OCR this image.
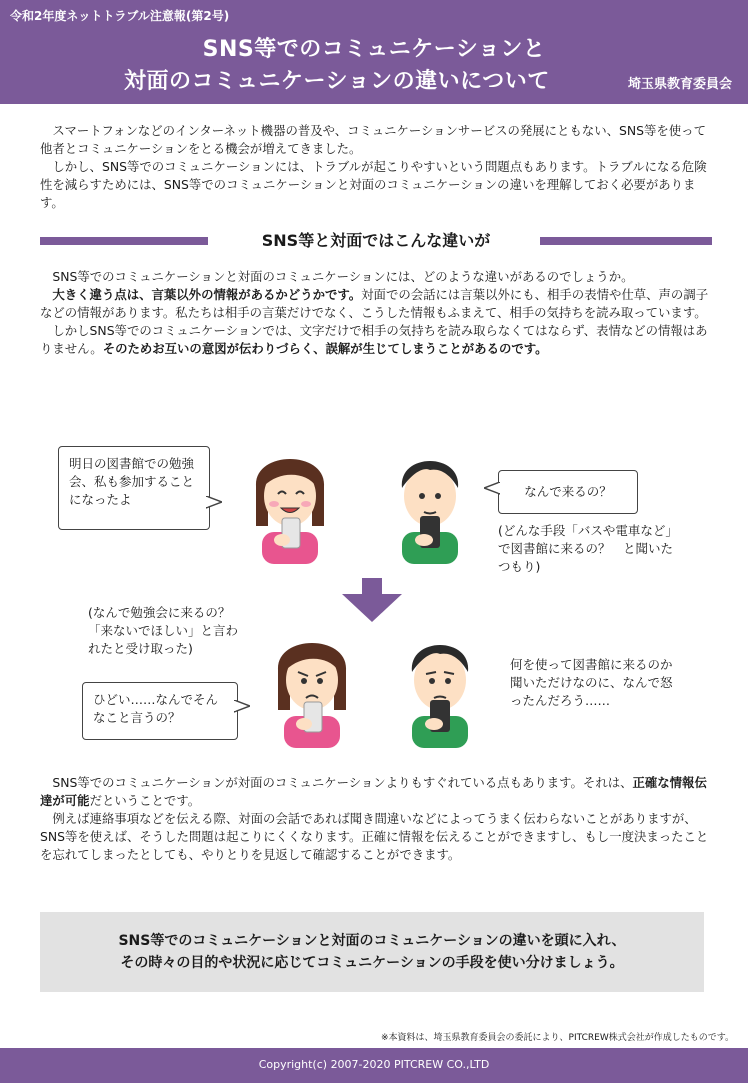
令和2年度ネットトラブル注意報(第2号)
SNS等でのコミュニケーションと
対面のコミュニケーションの違いについて	埼玉県教育委員会

スマートフォンなどのインターネット機器の普及や、コミュニケーションサービスの発展にともない、SNS等を使って他者とコミュニケーションをとる機会が増えてきました。

しかし、SNS等でのコミュニケーションには、トラブルが起こりやすいという問題点もあります。トラブルになる危険性を減らすためには、SNS等でのコミュニケーションと対面のコミュニケーションの違いを理解しておく必要があります。

SNS等と対面ではこんな違いが

SNS等でのコミュニケーションと対面のコミュニケーションには、どのような違いがあるのでしょうか。

大きく違う点は、言葉以外の情報があるかどうかです。対面での会話には言葉以外にも、相手の表情や仕草、声の調子などの情報があります。私たちは相手の言葉だけでなく、こうした情報もふまえて、相手の気持ちを読み取っています。

しかしSNS等でのコミュニケーションでは、文字だけで相手の気持ちを読み取らなくてはならず、表情などの情報はありません。そのためお互いの意図が伝わりづらく、誤解が生じてしまうことがあるのです。

明日の図書館での勉強会、私も参加することになったよ
なんで来るの？
(どんな手段「バスや電車など」で図書館に来るの？　と聞いたつもり)
(なんで勉強会に来るの？「来ないでほしい」と言われたと受け取った)
ひどい……なんでそんなこと言うの？
何を使って図書館に来るのか聞いただけなのに、なんで怒ったんだろう……

SNS等でのコミュニケーションが対面のコミュニケーションよりもすぐれている点もあります。それは、正確な情報伝達が可能だということです。

例えば連絡事項などを伝える際、対面の会話であれば聞き間違いなどによってうまく伝わらないことがありますが、SNS等を使えば、そうした問題は起こりにくくなります。正確に情報を伝えることができますし、もし一度決まったことを忘れてしまったとしても、やりとりを見返して確認することができます。

SNS等でのコミュニケーションと対面のコミュニケーションの違いを頭に入れ、
その時々の目的や状況に応じてコミュニケーションの手段を使い分けましょう。
※本資料は、埼玉県教育委員会の委託により、PITCREW株式会社が作成したものです。
Copyright(c) 2007-2020 PITCREW CO.,LTD
